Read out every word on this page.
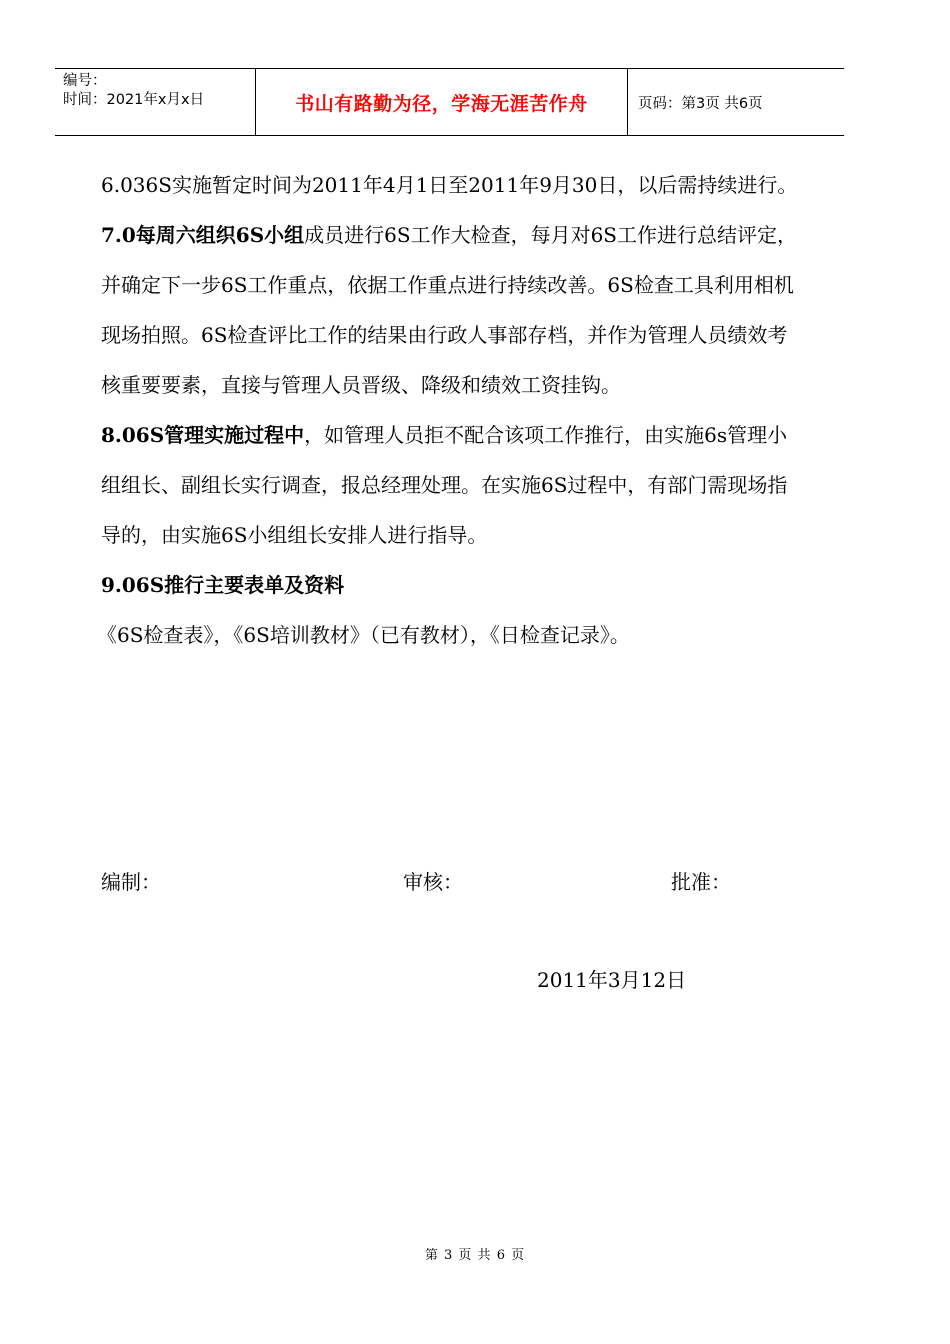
编号：
时间：2021年x月x日	书山有路勤为径，学海无涯苦作舟	页码：第3页 共6页

6.036S实施暂定时间为2011年4月1日至2011年9月30日，以后需持续进行。

7.0每周六组织6S小组成员进行6S工作大检查，每月对6S工作进行总结评定，并确定下一步6S工作重点，依据工作重点进行持续改善。6S检查工具利用相机现场拍照。6S检查评比工作的结果由行政人事部存档，并作为管理人员绩效考核重要要素，直接与管理人员晋级、降级和绩效工资挂钩。

8.06S管理实施过程中，如管理人员拒不配合该项工作推行，由实施6s管理小组组长、副组长实行调查，报总经理处理。在实施6S过程中，有部门需现场指导的，由实施6S小组组长安排人进行指导。

9.06S推行主要表单及资料

《6S检查表》，《6S培训教材》（已有教材），《日检查记录》。

编制：	审核：	批准：
2011年3月12日
第 3 页 共 6 页
